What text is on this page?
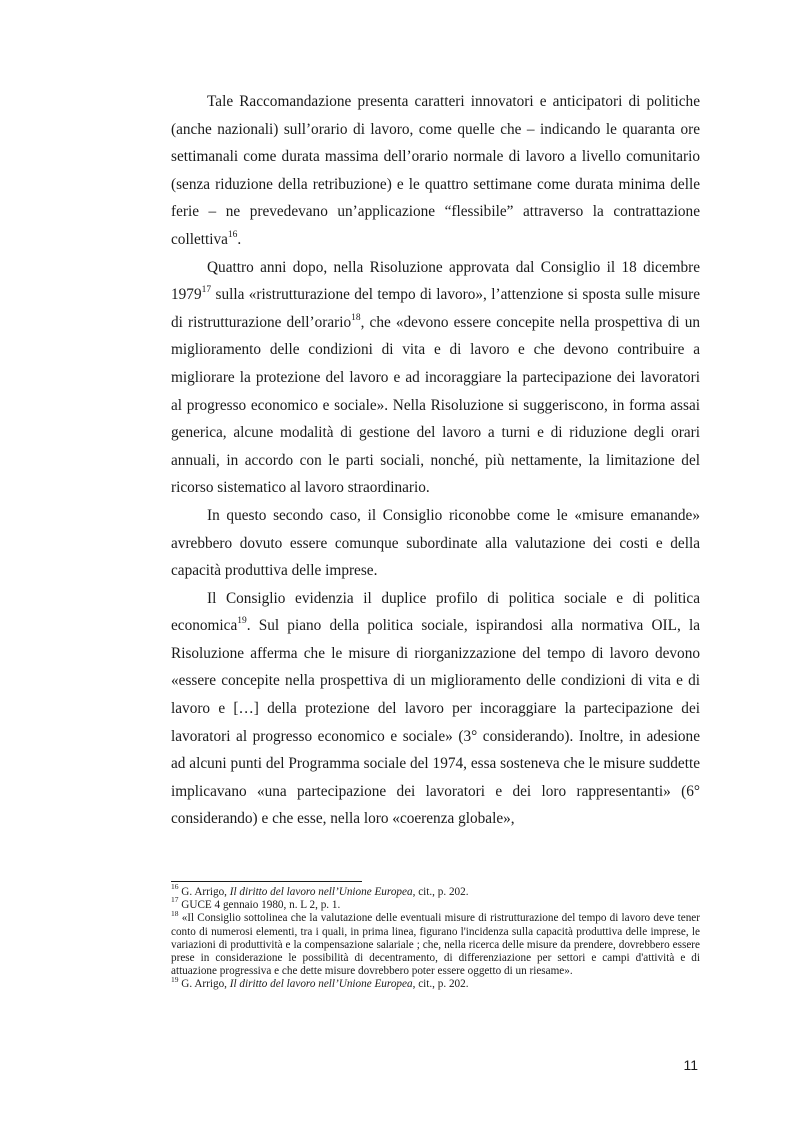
Tale Raccomandazione presenta caratteri innovatori e anticipatori di politiche (anche nazionali) sull’orario di lavoro, come quelle che – indicando le quaranta ore settimanali come durata massima dell’orario normale di lavoro a livello comunitario (senza riduzione della retribuzione) e le quattro settimane come durata minima delle ferie – ne prevedevano un’applicazione “flessibile” attraverso la contrattazione collettiva$^{16}$.

Quattro anni dopo, nella Risoluzione approvata dal Consiglio il 18 dicembre 1979$^{17}$ sulla «ristrutturazione del tempo di lavoro», l’attenzione si sposta sulle misure di ristrutturazione dell’orario$^{18}$, che «devono essere concepite nella prospettiva di un miglioramento delle condizioni di vita e di lavoro e che devono contribuire a migliorare la protezione del lavoro e ad incoraggiare la partecipazione dei lavoratori al progresso economico e sociale». Nella Risoluzione si suggeriscono, in forma assai generica, alcune modalità di gestione del lavoro a turni e di riduzione degli orari annuali, in accordo con le parti sociali, nonché, più nettamente, la limitazione del ricorso sistematico al lavoro straordinario.

In questo secondo caso, il Consiglio riconobbe come le «misure emanande» avrebbero dovuto essere comunque subordinate alla valutazione dei costi e della capacità produttiva delle imprese.

Il Consiglio evidenzia il duplice profilo di politica sociale e di politica economica$^{19}$. Sul piano della politica sociale, ispirandosi alla normativa OIL, la Risoluzione afferma che le misure di riorganizzazione del tempo di lavoro devono «essere concepite nella prospettiva di un miglioramento delle condizioni di vita e di lavoro e […] della protezione del lavoro per incoraggiare la partecipazione dei lavoratori al progresso economico e sociale» (3° considerando). Inoltre, in adesione ad alcuni punti del Programma sociale del 1974, essa sosteneva che le misure suddette implicavano «una partecipazione dei lavoratori e dei loro rappresentanti» (6° considerando) e che esse, nella loro «coerenza globale»,

$^{16}$ G. Arrigo, Il diritto del lavoro nell’Unione Europea, cit., p. 202.

$^{17}$ GUCE 4 gennaio 1980, n. L 2, p. 1.

$^{18}$ «Il Consiglio sottolinea che la valutazione delle eventuali misure di ristrutturazione del tempo di lavoro deve tener conto di numerosi elementi, tra i quali, in prima linea, figurano l'incidenza sulla capacità produttiva delle imprese, le variazioni di produttività e la compensazione salariale ; che, nella ricerca delle misure da prendere, dovrebbero essere prese in considerazione le possibilità di decentramento, di differenziazione per settori e campi d'attività e di attuazione progressiva e che dette misure dovrebbero poter essere oggetto di un riesame».

$^{19}$ G. Arrigo, Il diritto del lavoro nell’Unione Europea, cit., p. 202.

11
